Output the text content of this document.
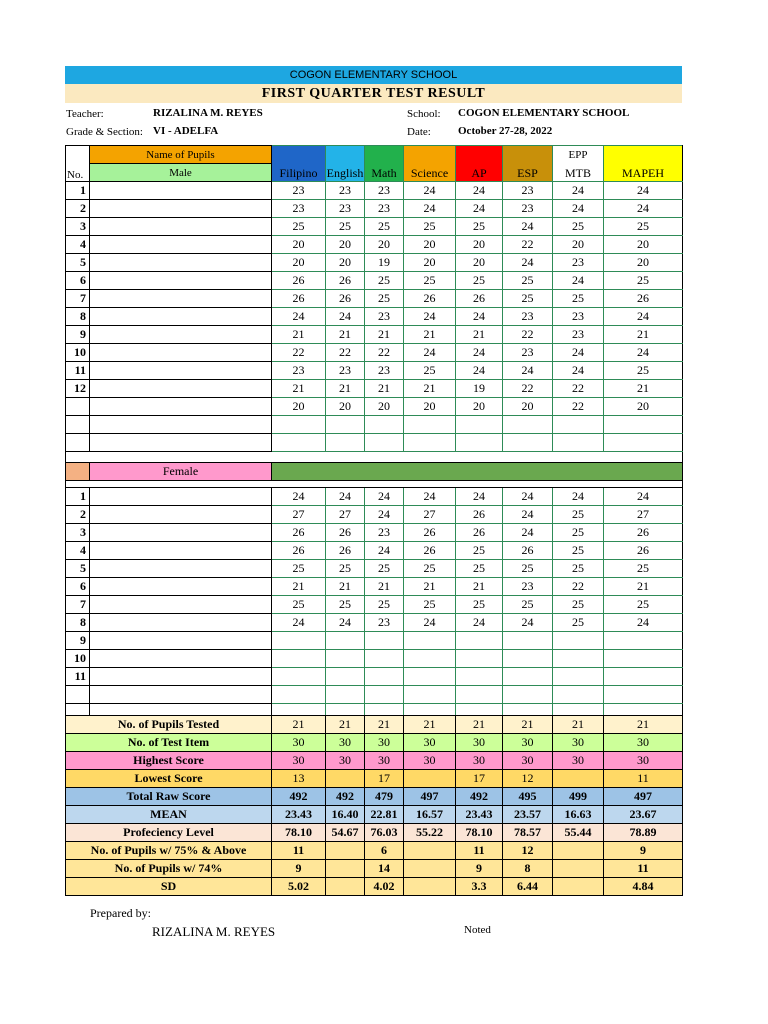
COGON ELEMENTARY SCHOOL
FIRST QUARTER TEST RESULT
Teacher:	RIZALINA M. REYES
Grade & Section: VI - ADELFA
School: COGON ELEMENTARY SCHOOL
Date: October 27-28, 2022
No.	Name of Pupils							EPP	
	Male	Filipino	English	Math	Science	AP	ESP	MTB	MAPEH
1		23	23	23	24	24	23	24	24
2		23	23	23	24	24	23	24	24
3		25	25	25	25	25	24	25	25
4		20	20	20	20	20	22	20	20
5		20	20	19	20	20	24	23	20
6		26	26	25	25	25	25	24	25
7		26	26	25	26	26	25	25	26
8		24	24	23	24	24	23	23	24
9		21	21	21	21	21	22	23	21
10		22	22	22	24	24	23	24	24
11		23	23	23	25	24	24	24	25
12		21	21	21	21	19	22	22	21
		20	20	20	20	20	20	22	20

	Female								

1		24	24	24	24	24	24	24	24
2		27	27	24	27	26	24	25	27
3		26	26	23	26	26	24	25	26
4		26	26	24	26	25	26	25	26
5		25	25	25	25	25	25	25	25
6		21	21	21	21	21	23	22	21
7		25	25	25	25	25	25	25	25
8		24	24	23	24	24	24	25	24
9									
10									
11									

No. of Pupils Tested	21	21	21	21	21	21	21	21
No. of Test Item	30	30	30	30	30	30	30	30
Highest Score	30	30	30	30	30	30	30	30
Lowest Score	13		17		17	12		11
Total Raw Score	492	492	479	497	492	495	499	497
MEAN	23.43	16.40	22.81	16.57	23.43	23.57	16.63	23.67
Profeciency Level	78.10	54.67	76.03	55.22	78.10	78.57	55.44	78.89
No. of Pupils w/ 75% & Above	11		6		11	12		9
No. of Pupils w/ 74%	9		14		9	8		11
SD	5.02		4.02		3.3	6.44		4.84
Prepared by:
RIZALINA M. REYES	Noted
